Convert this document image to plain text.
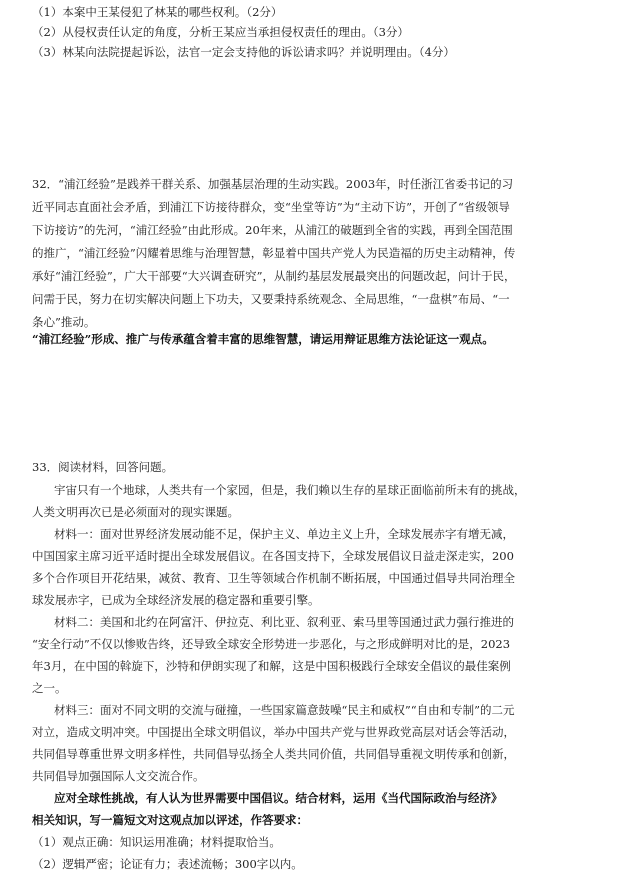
（1）本案中王某侵犯了林某的哪些权利。（2分）
（2）从侵权责任认定的角度，分析王某应当承担侵权责任的理由。（3分）
（3）林某向法院提起诉讼，法官一定会支持他的诉讼请求吗？并说明理由。（4分）
32．“浦江经验”是践养干群关系、加强基层治理的生动实践。2003年，时任浙江省委书记的习
近平同志直面社会矛盾，到浦江下访接待群众，变“坐堂等访”为“主动下访”，开创了“省级领导
下访接访”的先河，“浦江经验”由此形成。20年来，从浦江的破题到全省的实践，再到全国范围
的推广，“浦江经验”闪耀着思维与治理智慧，彰显着中国共产党人为民造福的历史主动精神，传
承好“浦江经验”，广大干部要“大兴调查研究”，从制约基层发展最突出的问题改起，问计于民，
问需于民，努力在切实解决问题上下功夫，又要秉持系统观念、全局思维，“一盘棋”布局、“一
条心”推动。
“浦江经验”形成、推广与传承蕴含着丰富的思维智慧，请运用辩证思维方法论证这一观点。
33．阅读材料，回答问题。
宇宙只有一个地球，人类共有一个家园，但是，我们赖以生存的星球正面临前所未有的挑战，
人类文明再次已是必须面对的现实课题。
材料一：面对世界经济发展动能不足，保护主义、单边主义上升，全球发展赤字有增无减，
中国国家主席习近平适时提出全球发展倡议。在各国支持下，全球发展倡议日益走深走实，200
多个合作项目开花结果，减贫、教育、卫生等领域合作机制不断拓展，中国通过倡导共同治理全
球发展赤字，已成为全球经济发展的稳定器和重要引擎。
材料二：美国和北约在阿富汗、伊拉克、利比亚、叙利亚、索马里等国通过武力强行推进的
“安全行动”不仅以惨败告终，还导致全球安全形势进一步恶化，与之形成鲜明对比的是，2023
年3月，在中国的斡旋下，沙特和伊朗实现了和解，这是中国积极践行全球安全倡议的最佳案例
之一。
材料三：面对不同文明的交流与碰撞，一些国家篇意鼓噪“民主和威权”“自由和专制”的二元
对立，造成文明冲突。中国提出全球文明倡议，举办中国共产党与世界政党高层对话会等活动，
共同倡导尊重世界文明多样性，共同倡导弘扬全人类共同价值，共同倡导重视文明传承和创新，
共同倡导加强国际人文交流合作。
应对全球性挑战，有人认为世界需要中国倡议。结合材料，运用《当代国际政治与经济》
相关知识，写一篇短文对这观点加以评述，作答要求：
（1）观点正确：知识运用准确；材料提取恰当。
（2）逻辑严密；论证有力；表述流畅；300字以内。
